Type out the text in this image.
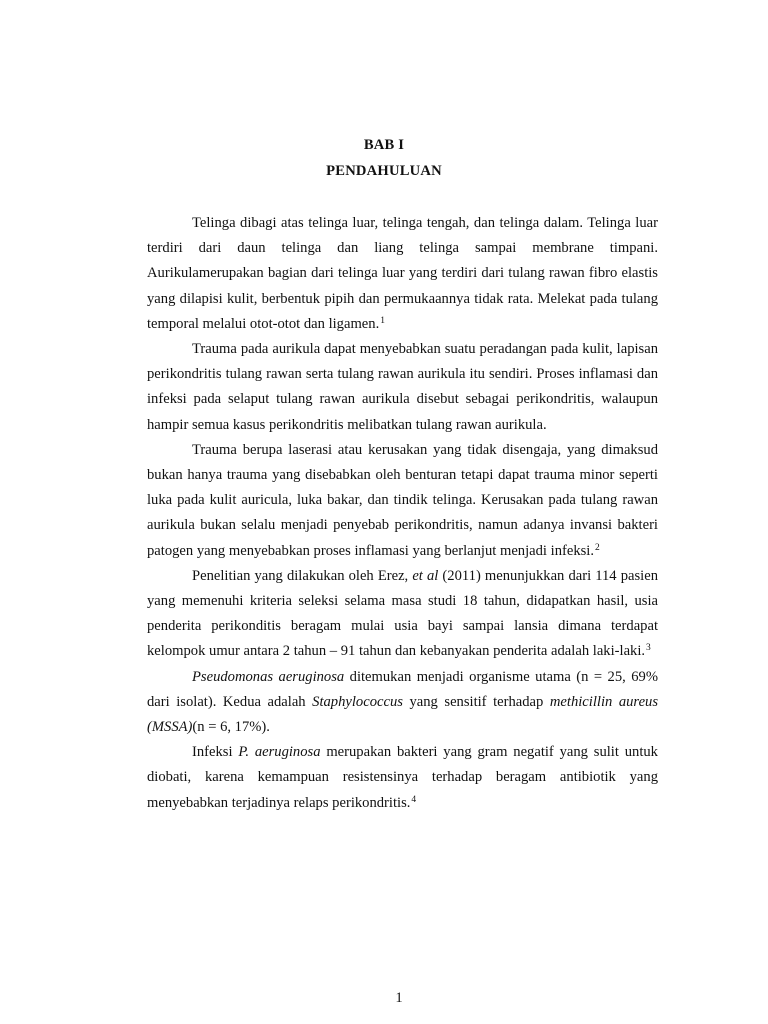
BAB I
PENDAHULUAN

Telinga dibagi atas telinga luar, telinga tengah, dan telinga dalam. Telinga luar terdiri dari daun telinga dan liang telinga sampai membrane timpani. Aurikulamerupakan bagian dari telinga luar yang terdiri dari tulang rawan fibro elastis yang dilapisi kulit, berbentuk pipih dan permukaannya tidak rata. Melekat pada tulang temporal melalui otot-otot dan ligamen.$^1$

Trauma pada aurikula dapat menyebabkan suatu peradangan pada kulit, lapisan perikondritis tulang rawan serta tulang rawan aurikula itu sendiri. Proses inflamasi dan infeksi pada selaput tulang rawan aurikula disebut sebagai perikondritis, walaupun hampir semua kasus perikondritis melibatkan tulang rawan aurikula.

Trauma berupa laserasi atau kerusakan yang tidak disengaja, yang dimaksud bukan hanya trauma yang disebabkan oleh benturan tetapi dapat trauma minor seperti luka pada kulit auricula, luka bakar, dan tindik telinga. Kerusakan pada tulang rawan aurikula bukan selalu menjadi penyebab perikondritis, namun adanya invansi bakteri patogen yang menyebabkan proses inflamasi yang berlanjut menjadi infeksi.$^2$

Penelitian yang dilakukan oleh Erez, et al (2011) menunjukkan dari 114 pasien yang memenuhi kriteria seleksi selama masa studi 18 tahun, didapatkan hasil, usia penderita perikonditis beragam mulai usia bayi sampai lansia dimana terdapat kelompok umur antara 2 tahun – 91 tahun dan kebanyakan penderita adalah laki-laki.$^3$

Pseudomonas aeruginosa ditemukan menjadi organisme utama (n = 25, 69% dari isolat). Kedua adalah Staphylococcus yang sensitif terhadap methicillin aureus (MSSA)(n = 6, 17%).

Infeksi P. aeruginosa merupakan bakteri yang gram negatif yang sulit untuk diobati, karena kemampuan resistensinya terhadap beragam antibiotik yang menyebabkan terjadinya relaps perikondritis.$^4$

1
